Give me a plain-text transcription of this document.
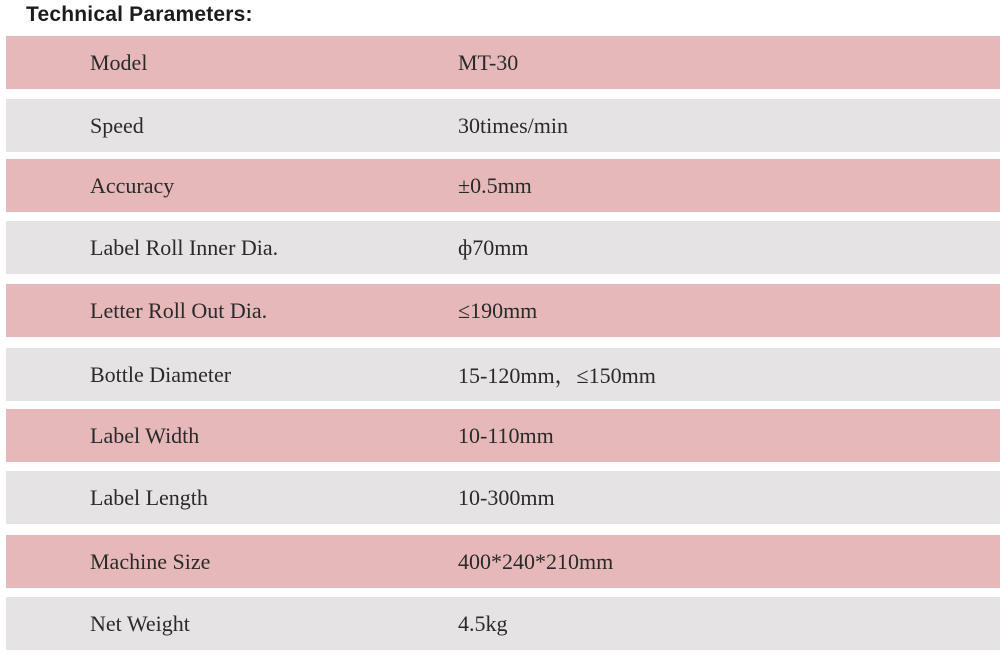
Technical Parameters:
Model	MT-30
Speed	30times/min
Accuracy	±0.5mm
Label Roll Inner Dia.	ф70mm
Letter Roll Out Dia.	≤190mm
Bottle Diameter	15-120mm，≤150mm
Label Width	10-110mm
Label Length	10-300mm
Machine Size	400*240*210mm
Net Weight	4.5kg
